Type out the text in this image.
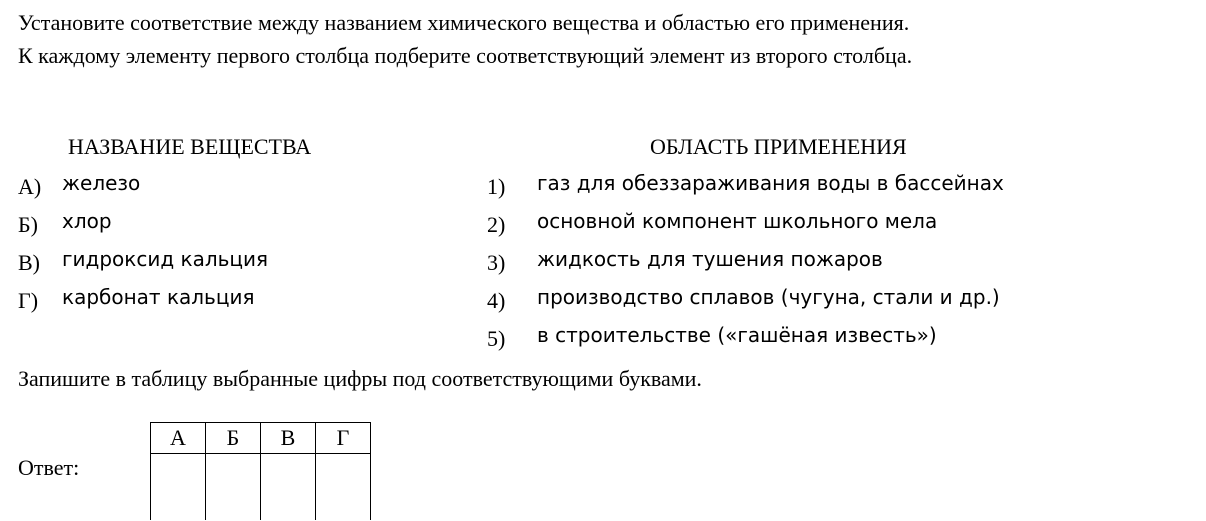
Установите соответствие между названием химического вещества и областью его применения.

К каждому элементу первого столбца подберите соответствующий элемент из второго столбца.

НАЗВАНИЕ ВЕЩЕСТВА	ОБЛАСТЬ ПРИМЕНЕНИЯ
А) железо
Б) хлор
В) гидроксид кальция
Г) карбонат кальция
1) газ для обеззараживания воды в бассейнах
2) основной компонент школьного мела
3) жидкость для тушения пожаров
4) производство сплавов (чугуна, стали и др.)
5) в строительстве («гашёная известь»)
Запишите в таблицу выбранные цифры под соответствующими буквами.
Ответ:
А	Б	В	Г
